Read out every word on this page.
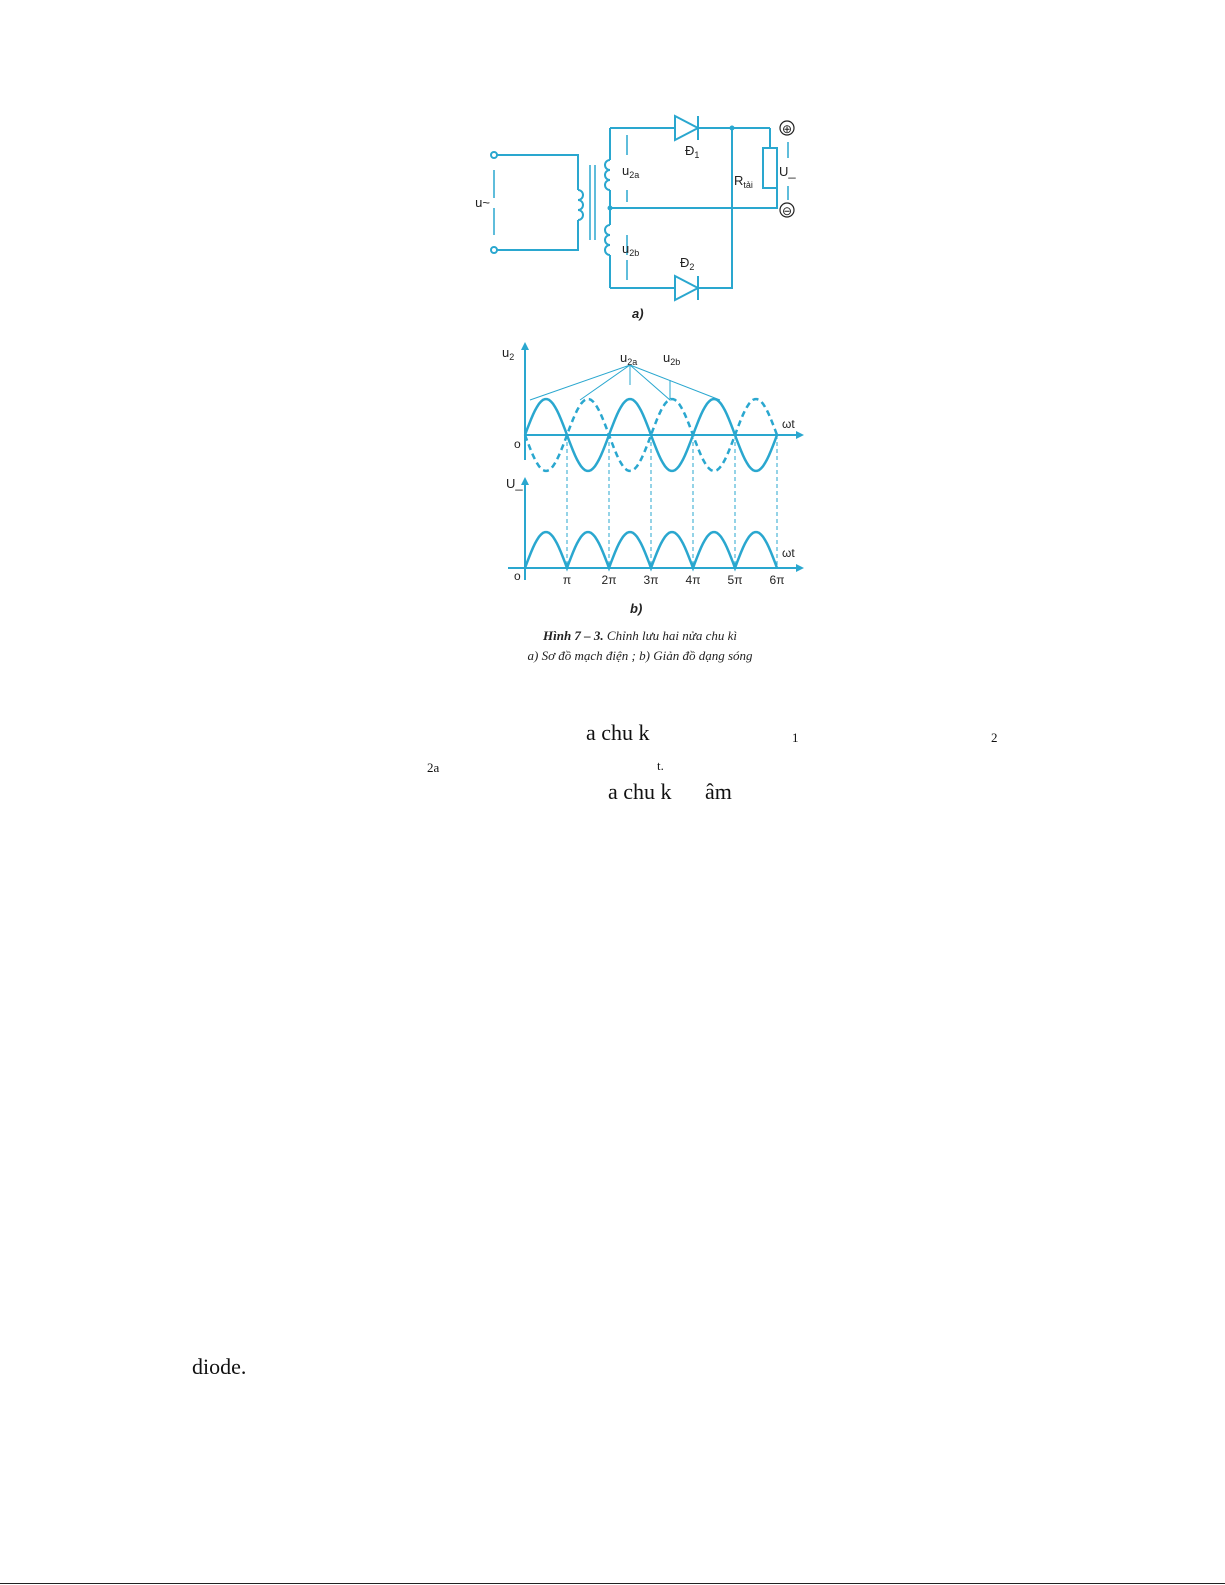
⊕
⊖
u~
$u_{2a}$
$u_{2b}$
$Đ_1$
$Đ_2$
$R_{tải}$
U_
a)
$u_2$	$u_{2a}$ $u_{2b}$
ωt
o
U_
ωt
o	π	2π 3π 4π 5π 6π
b)
Hình 7 – 3. Chỉnh lưu hai nửa chu kì
a) Sơ đồ mạch điện ; b) Giản đồ dạng sóng
a chu k	1	2
2a	t.
a chu k âm
diode.
